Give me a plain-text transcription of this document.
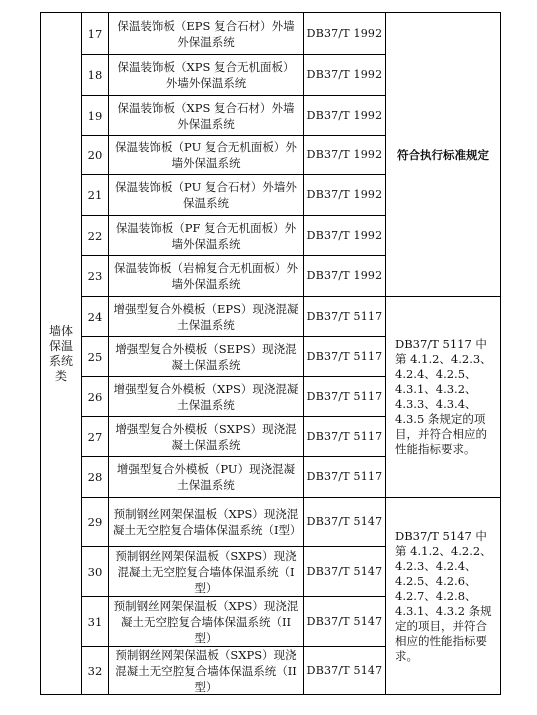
墙体保温系统类
17
保温装饰板（EPS 复合石材）外墙外保温系统
DB37/T 1992
18
保温装饰板（XPS 复合无机面板）外墙外保温系统
DB37/T 1992
19
保温装饰板（XPS 复合石材）外墙外保温系统
DB37/T 1992
20
保温装饰板（PU 复合无机面板）外墙外保温系统
DB37/T 1992
21
保温装饰板（PU 复合石材）外墙外保温系统
DB37/T 1992
22
保温装饰板（PF 复合无机面板）外墙外保温系统
DB37/T 1992
23
保温装饰板（岩棉复合无机面板）外墙外保温系统
DB37/T 1992
24
增强型复合外模板（EPS）现浇混凝土保温系统
DB37/T 5117
25
增强型复合外模板（SEPS）现浇混凝土保温系统
DB37/T 5117
26
增强型复合外模板（XPS）现浇混凝土保温系统
DB37/T 5117
27
增强型复合外模板（SXPS）现浇混凝土保温系统
DB37/T 5117
28
增强型复合外模板（PU）现浇混凝土保温系统
DB37/T 5117
29
预制钢丝网架保温板（XPS）现浇混凝土无空腔复合墙体保温系统（I型）
DB37/T 5147
30
预制钢丝网架保温板（SXPS）现浇混凝土无空腔复合墙体保温系统（I型）
DB37/T 5147
31
预制钢丝网架保温板（XPS）现浇混凝土无空腔复合墙体保温系统（II型）
DB37/T 5147
32
预制钢丝网架保温板（SXPS）现浇混凝土无空腔复合墙体保温系统（II型）
DB37/T 5147
符合执行标准规定
DB37/T 5117 中第 4.1.2、4.2.3、4.2.4、4.2.5、4.3.1、4.3.2、4.3.3、4.3.4、4.3.5 条规定的项目，并符合相应的性能指标要求。
DB37/T 5147 中第 4.1.2、4.2.2、4.2.3、4.2.4、4.2.5、4.2.6、4.2.7、4.2.8、4.3.1、4.3.2 条规定的项目，并符合相应的性能指标要求。
